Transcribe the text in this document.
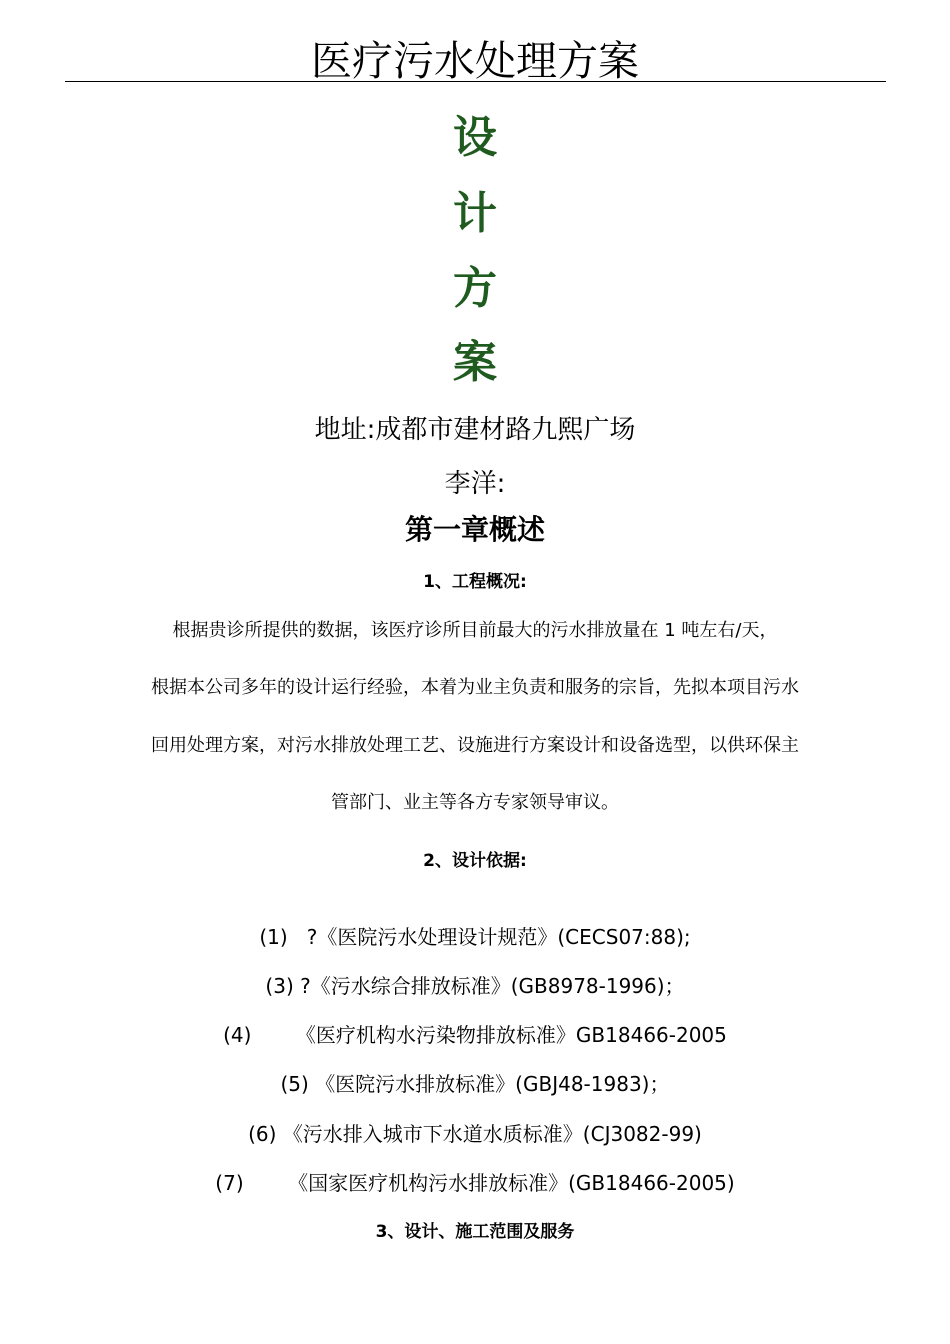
医疗污水处理方案
设
计
方
案
地址:成都市建材路九熙广场
李洋:
第一章概述
1、工程概况:
根据贵诊所提供的数据，该医疗诊所目前最大的污水排放量在 1 吨左右/天，
根据本公司多年的设计运行经验，本着为业主负责和服务的宗旨，先拟本项目污水
回用处理方案，对污水排放处理工艺、设施进行方案设计和设备选型，以供环保主
管部门、业主等各方专家领导审议。
2、设计依据:
(1)   ?《医院污水处理设计规范》(CECS07:88);
(3) ?《污水综合排放标准》(GB8978-1996)；
(4)       《医疗机构水污染物排放标准》GB18466-2005
(5) 《医院污水排放标准》(GBJ48-1983)；
(6) 《污水排入城市下水道水质标准》(CJ3082-99)
(7)       《国家医疗机构污水排放标准》(GB18466-2005)
3、设计、施工范围及服务
